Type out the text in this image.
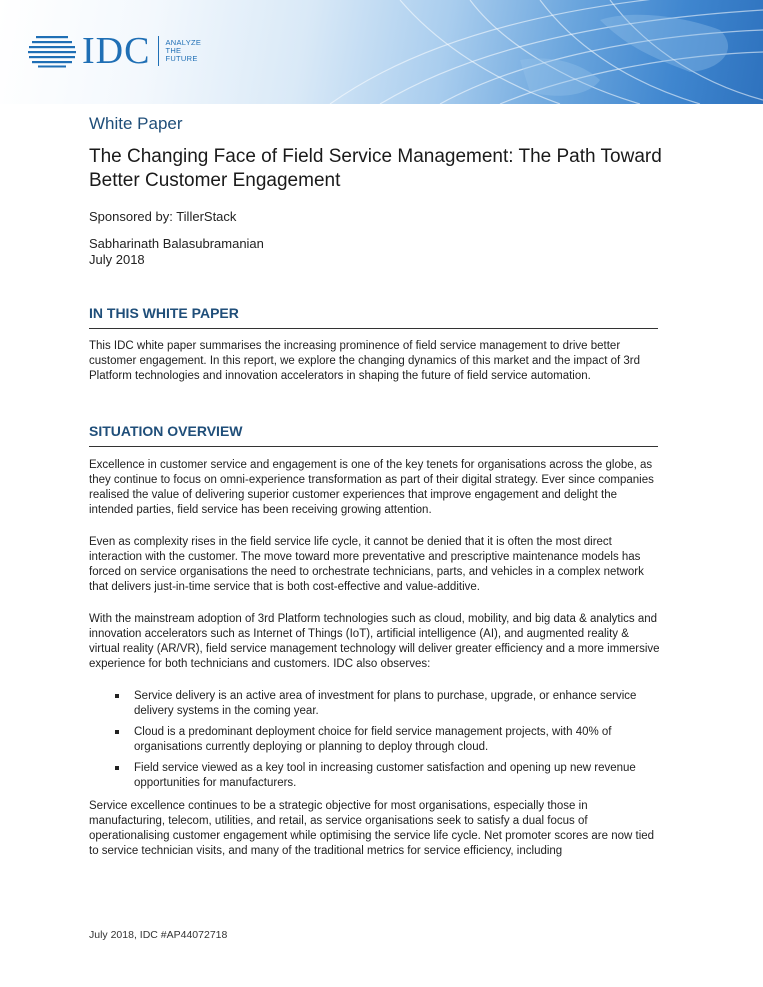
IDC ANALYZE
THE
FUTURE
White Paper
The Changing Face of Field Service Management: The Path Toward Better Customer Engagement
Sponsored by: TillerStack
Sabharinath Balasubramanian
July 2018
IN THIS WHITE PAPER
This IDC white paper summarises the increasing prominence of field service management to drive better customer engagement. In this report, we explore the changing dynamics of this market and the impact of 3rd Platform technologies and innovation accelerators in shaping the future of field service automation.
SITUATION OVERVIEW
Excellence in customer service and engagement is one of the key tenets for organisations across the globe, as they continue to focus on omni-experience transformation as part of their digital strategy. Ever since companies realised the value of delivering superior customer experiences that improve engagement and delight the intended parties, field service has been receiving growing attention.
Even as complexity rises in the field service life cycle, it cannot be denied that it is often the most direct interaction with the customer. The move toward more preventative and prescriptive maintenance models has forced on service organisations the need to orchestrate technicians, parts, and vehicles in a complex network that delivers just-in-time service that is both cost-effective and value-additive.
With the mainstream adoption of 3rd Platform technologies such as cloud, mobility, and big data & analytics and innovation accelerators such as Internet of Things (IoT), artificial intelligence (AI), and augmented reality & virtual reality (AR/VR), field service management technology will deliver greater efficiency and a more immersive experience for both technicians and customers. IDC also observes:
Service delivery is an active area of investment for plans to purchase, upgrade, or enhance service delivery systems in the coming year.
Cloud is a predominant deployment choice for field service management projects, with 40% of organisations currently deploying or planning to deploy through cloud.
Field service viewed as a key tool in increasing customer satisfaction and opening up new revenue opportunities for manufacturers.
Service excellence continues to be a strategic objective for most organisations, especially those in manufacturing, telecom, utilities, and retail, as service organisations seek to satisfy a dual focus of operationalising customer engagement while optimising the service life cycle. Net promoter scores are now tied to service technician visits, and many of the traditional metrics for service efficiency, including
July 2018, IDC #AP44072718
